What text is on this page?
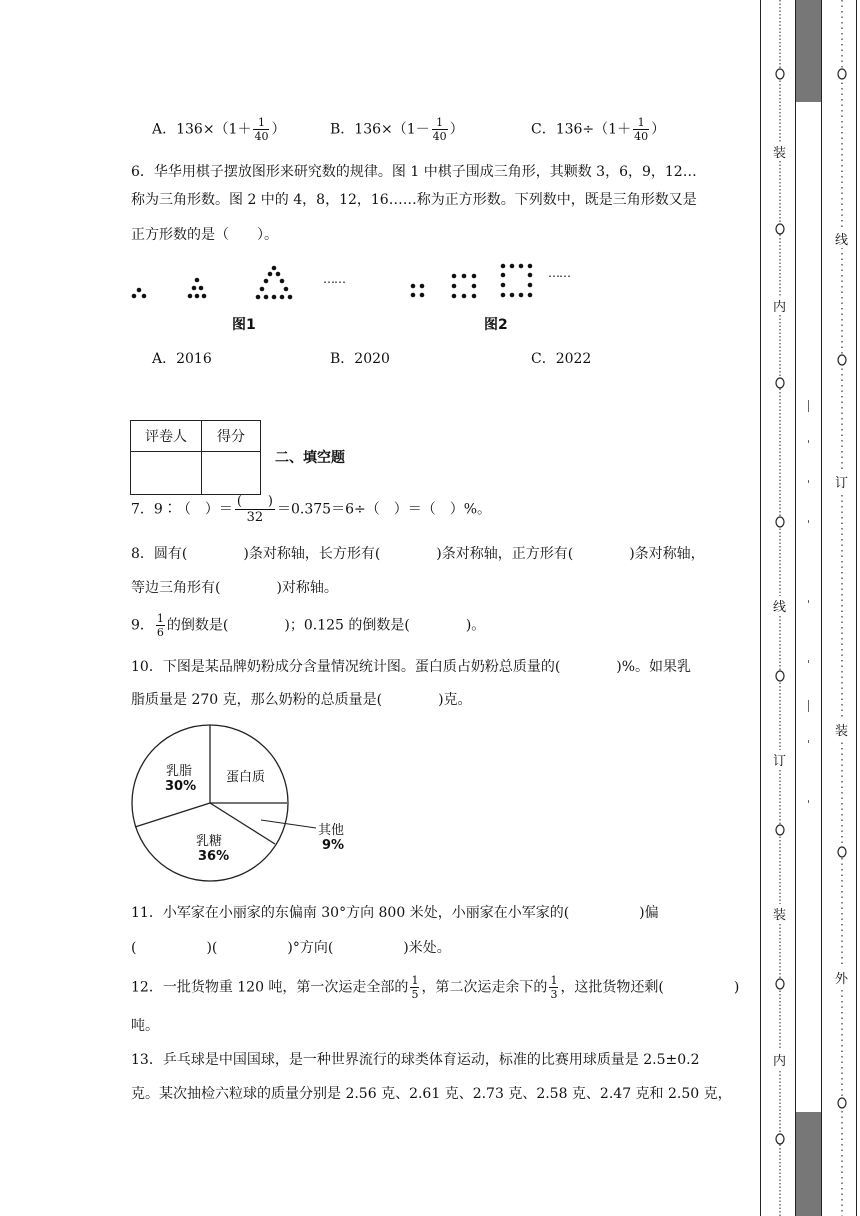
A．$136\times(1+ \frac{1}{40}$ ）	B．$136\times(1- \frac{1}{40}$ ）	C．$136\div(1+ \frac{1}{40}$ ）
6．华华用棋子摆放图形来研究数的规律。图 1 中棋子围成三角形，其颗数 3，6，9，12…
称为三角形数。图 2 中的 4，8，12，16……称为正方形数。下列数中，既是三角形数又是
正方形数的是（　　）。
……	……
图1	图2
A．2016	B．2020	C．2022
评卷人	得分

二、填空题
7．9∶（　）＝ (　　)
32 ＝0.375＝6÷（　）＝（　）%。
8．圆有(　　　　)条对称轴，长方形有(　　　　)条对称轴，正方形有(　　　　)条对称轴，
等边三角形有(　　　　)对称轴。
9． $\frac{1}{6}$ 的倒数是(　　　　)；0.125 的倒数是(　　　　)。
10．下图是某品牌奶粉成分含量情况统计图。蛋白质占奶粉总质量的(　　　　)%。如果乳
脂质量是 270 克，那么奶粉的总质量是(　　　　)克。
乳脂
30%
蛋白质
乳糖
36%
其他
9%
11．小军家在小丽家的东偏南 30°方向 800 米处，小丽家在小军家的(　　　　　)偏
(　　　　　)(　　　　　)°方向(　　　　　)米处。
12．一批货物重 120 吨，第一次运走全部的 $\frac{1}{5}$ ，第二次运走余下的 $\frac{1}{3}$ ，这批货物还剩(　　　　　)
吨。
13．乒乓球是中国国球，是一种世界流行的球类体育运动，标准的比赛用球质量是 2.5±0.2
克。某次抽检六粒球的质量分别是 2.56 克、2.61 克、2.73 克、2.58 克、2.47 克和 2.50 克，
装
内
线
订
装
内
线
订
装
外
